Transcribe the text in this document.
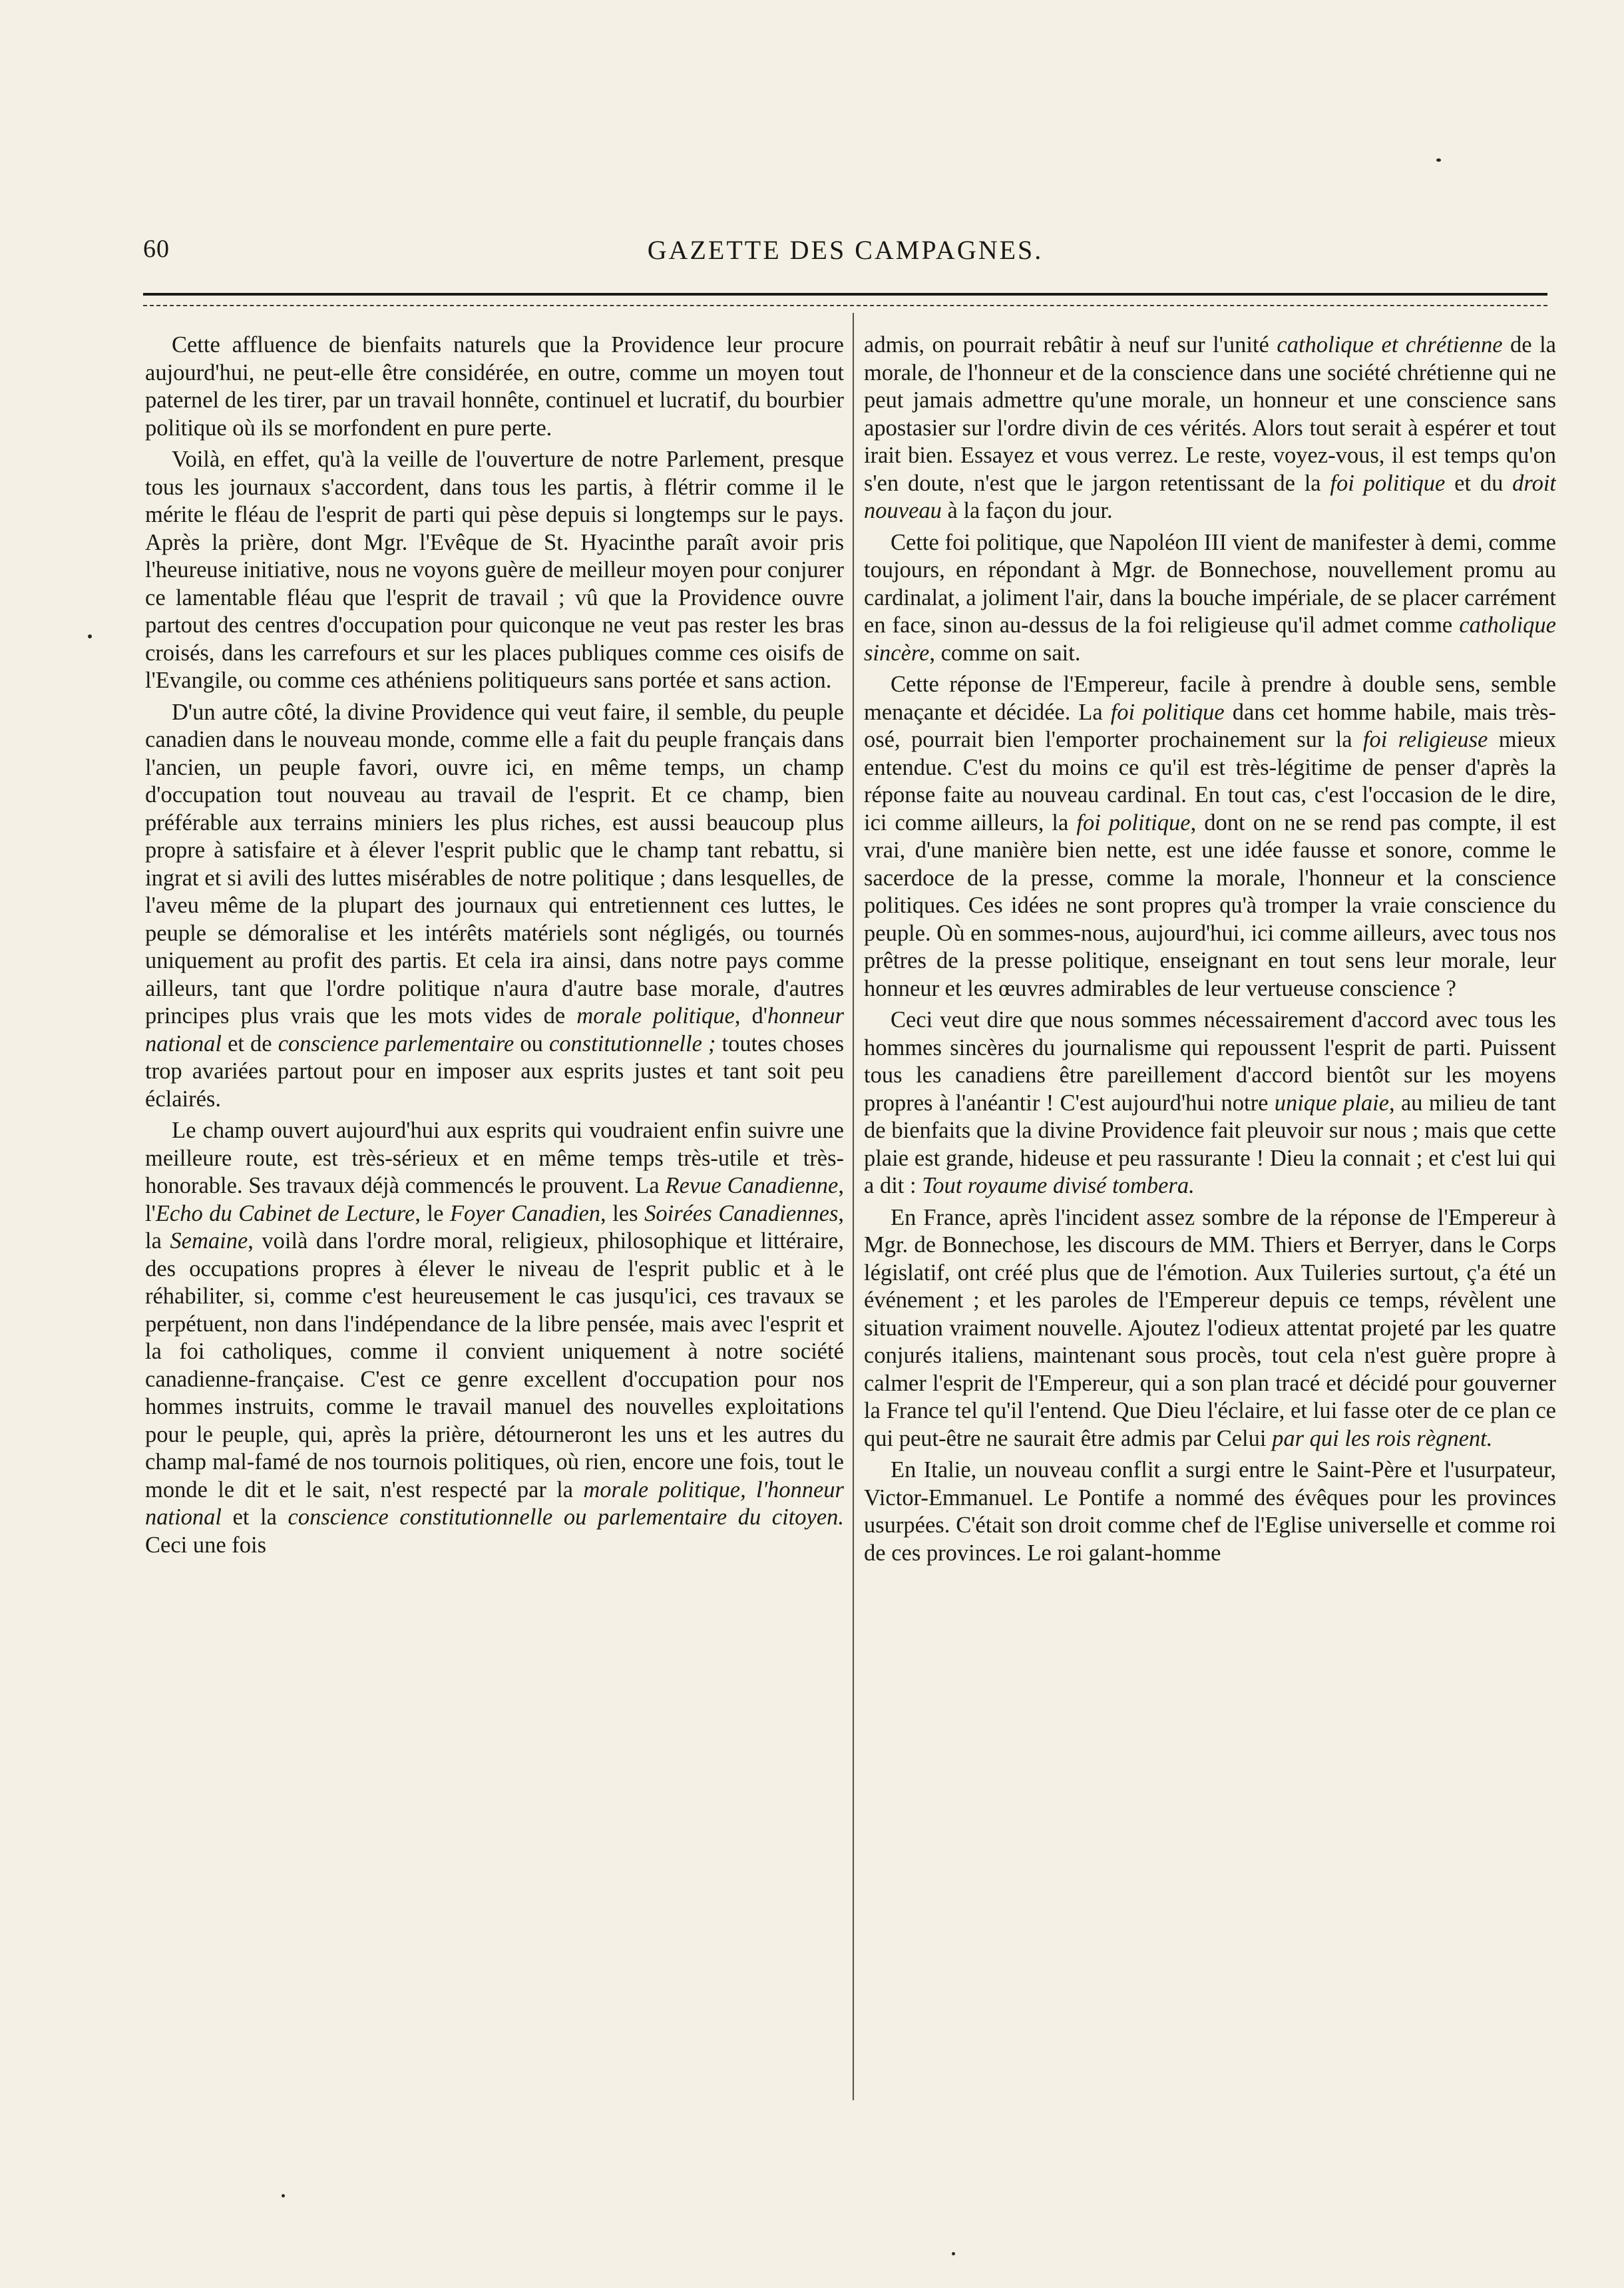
60	GAZETTE DES CAMPAGNES.

Cette affluence de bienfaits naturels que la Providence leur procure aujourd'hui, ne peut-elle être considérée, en outre, comme un moyen tout paternel de les tirer, par un travail honnête, continuel et lucratif, du bourbier politique où ils se morfondent en pure perte.

Voilà, en effet, qu'à la veille de l'ouverture de notre Parlement, presque tous les journaux s'accordent, dans tous les partis, à flétrir comme il le mérite le fléau de l'esprit de parti qui pèse depuis si longtemps sur le pays. Après la prière, dont Mgr. l'Evêque de St. Hyacinthe paraît avoir pris l'heureuse initiative, nous ne voyons guère de meilleur moyen pour conjurer ce lamentable fléau que l'esprit de travail ; vû que la Providence ouvre partout des centres d'occupation pour quiconque ne veut pas rester les bras croisés, dans les carrefours et sur les places publiques comme ces oisifs de l'Evangile, ou comme ces athéniens politiqueurs sans portée et sans action.

D'un autre côté, la divine Providence qui veut faire, il semble, du peuple canadien dans le nouveau monde, comme elle a fait du peuple français dans l'ancien, un peuple favori, ouvre ici, en même temps, un champ d'occupation tout nouveau au travail de l'esprit. Et ce champ, bien préférable aux terrains miniers les plus riches, est aussi beaucoup plus propre à satisfaire et à élever l'esprit public que le champ tant rebattu, si ingrat et si avili des luttes misérables de notre politique ; dans lesquelles, de l'aveu même de la plupart des journaux qui entretiennent ces luttes, le peuple se démoralise et les intérêts matériels sont négligés, ou tournés uniquement au profit des partis. Et cela ira ainsi, dans notre pays comme ailleurs, tant que l'ordre politique n'aura d'autre base morale, d'autres principes plus vrais que les mots vides de morale politique, d'honneur national et de conscience parlementaire ou constitutionnelle ; toutes choses trop avariées partout pour en imposer aux esprits justes et tant soit peu éclairés.

Le champ ouvert aujourd'hui aux esprits qui voudraient enfin suivre une meilleure route, est très-sérieux et en même temps très-utile et très-honorable. Ses travaux déjà commencés le prouvent. La Revue Canadienne, l'Echo du Cabinet de Lecture, le Foyer Canadien, les Soirées Canadiennes, la Semaine, voilà dans l'ordre moral, religieux, philosophique et littéraire, des occupations propres à élever le niveau de l'esprit public et à le réhabiliter, si, comme c'est heureusement le cas jusqu'ici, ces travaux se perpétuent, non dans l'indépendance de la libre pensée, mais avec l'esprit et la foi catholiques, comme il convient uniquement à notre société canadienne-française. C'est ce genre excellent d'occupation pour nos hommes instruits, comme le travail manuel des nouvelles exploitations pour le peuple, qui, après la prière, détourneront les uns et les autres du champ mal-famé de nos tournois politiques, où rien, encore une fois, tout le monde le dit et le sait, n'est respecté par la morale politique, l'honneur national et la conscience constitutionnelle ou parlementaire du citoyen. Ceci une fois

admis, on pourrait rebâtir à neuf sur l'unité catholique et chrétienne de la morale, de l'honneur et de la conscience dans une société chrétienne qui ne peut jamais admettre qu'une morale, un honneur et une conscience sans apostasier sur l'ordre divin de ces vérités. Alors tout serait à espérer et tout irait bien. Essayez et vous verrez. Le reste, voyez-vous, il est temps qu'on s'en doute, n'est que le jargon retentissant de la foi politique et du droit nouveau à la façon du jour.

Cette foi politique, que Napoléon III vient de manifester à demi, comme toujours, en répondant à Mgr. de Bonnechose, nouvellement promu au cardinalat, a joliment l'air, dans la bouche impériale, de se placer carrément en face, sinon au-dessus de la foi religieuse qu'il admet comme catholique sincère, comme on sait.

Cette réponse de l'Empereur, facile à prendre à double sens, semble menaçante et décidée. La foi politique dans cet homme habile, mais très-osé, pourrait bien l'emporter prochainement sur la foi religieuse mieux entendue. C'est du moins ce qu'il est très-légitime de penser d'après la réponse faite au nouveau cardinal. En tout cas, c'est l'occasion de le dire, ici comme ailleurs, la foi politique, dont on ne se rend pas compte, il est vrai, d'une manière bien nette, est une idée fausse et sonore, comme le sacerdoce de la presse, comme la morale, l'honneur et la conscience politiques. Ces idées ne sont propres qu'à tromper la vraie conscience du peuple. Où en sommes-nous, aujourd'hui, ici comme ailleurs, avec tous nos prêtres de la presse politique, enseignant en tout sens leur morale, leur honneur et les œuvres admirables de leur vertueuse conscience ?

Ceci veut dire que nous sommes nécessairement d'accord avec tous les hommes sincères du journalisme qui repoussent l'esprit de parti. Puissent tous les canadiens être pareillement d'accord bientôt sur les moyens propres à l'anéantir ! C'est aujourd'hui notre unique plaie, au milieu de tant de bienfaits que la divine Providence fait pleuvoir sur nous ; mais que cette plaie est grande, hideuse et peu rassurante ! Dieu la connait ; et c'est lui qui a dit : Tout royaume divisé tombera.

En France, après l'incident assez sombre de la réponse de l'Empereur à Mgr. de Bonnechose, les discours de MM. Thiers et Berryer, dans le Corps législatif, ont créé plus que de l'émotion. Aux Tuileries surtout, ç'a été un événement ; et les paroles de l'Empereur depuis ce temps, révèlent une situation vraiment nouvelle. Ajoutez l'odieux attentat projeté par les quatre conjurés italiens, maintenant sous procès, tout cela n'est guère propre à calmer l'esprit de l'Empereur, qui a son plan tracé et décidé pour gouverner la France tel qu'il l'entend. Que Dieu l'éclaire, et lui fasse oter de ce plan ce qui peut-être ne saurait être admis par Celui par qui les rois règnent.

En Italie, un nouveau conflit a surgi entre le Saint-Père et l'usurpateur, Victor-Emmanuel. Le Pontife a nommé des évêques pour les provinces usurpées. C'était son droit comme chef de l'Eglise universelle et comme roi de ces provinces. Le roi galant-homme
